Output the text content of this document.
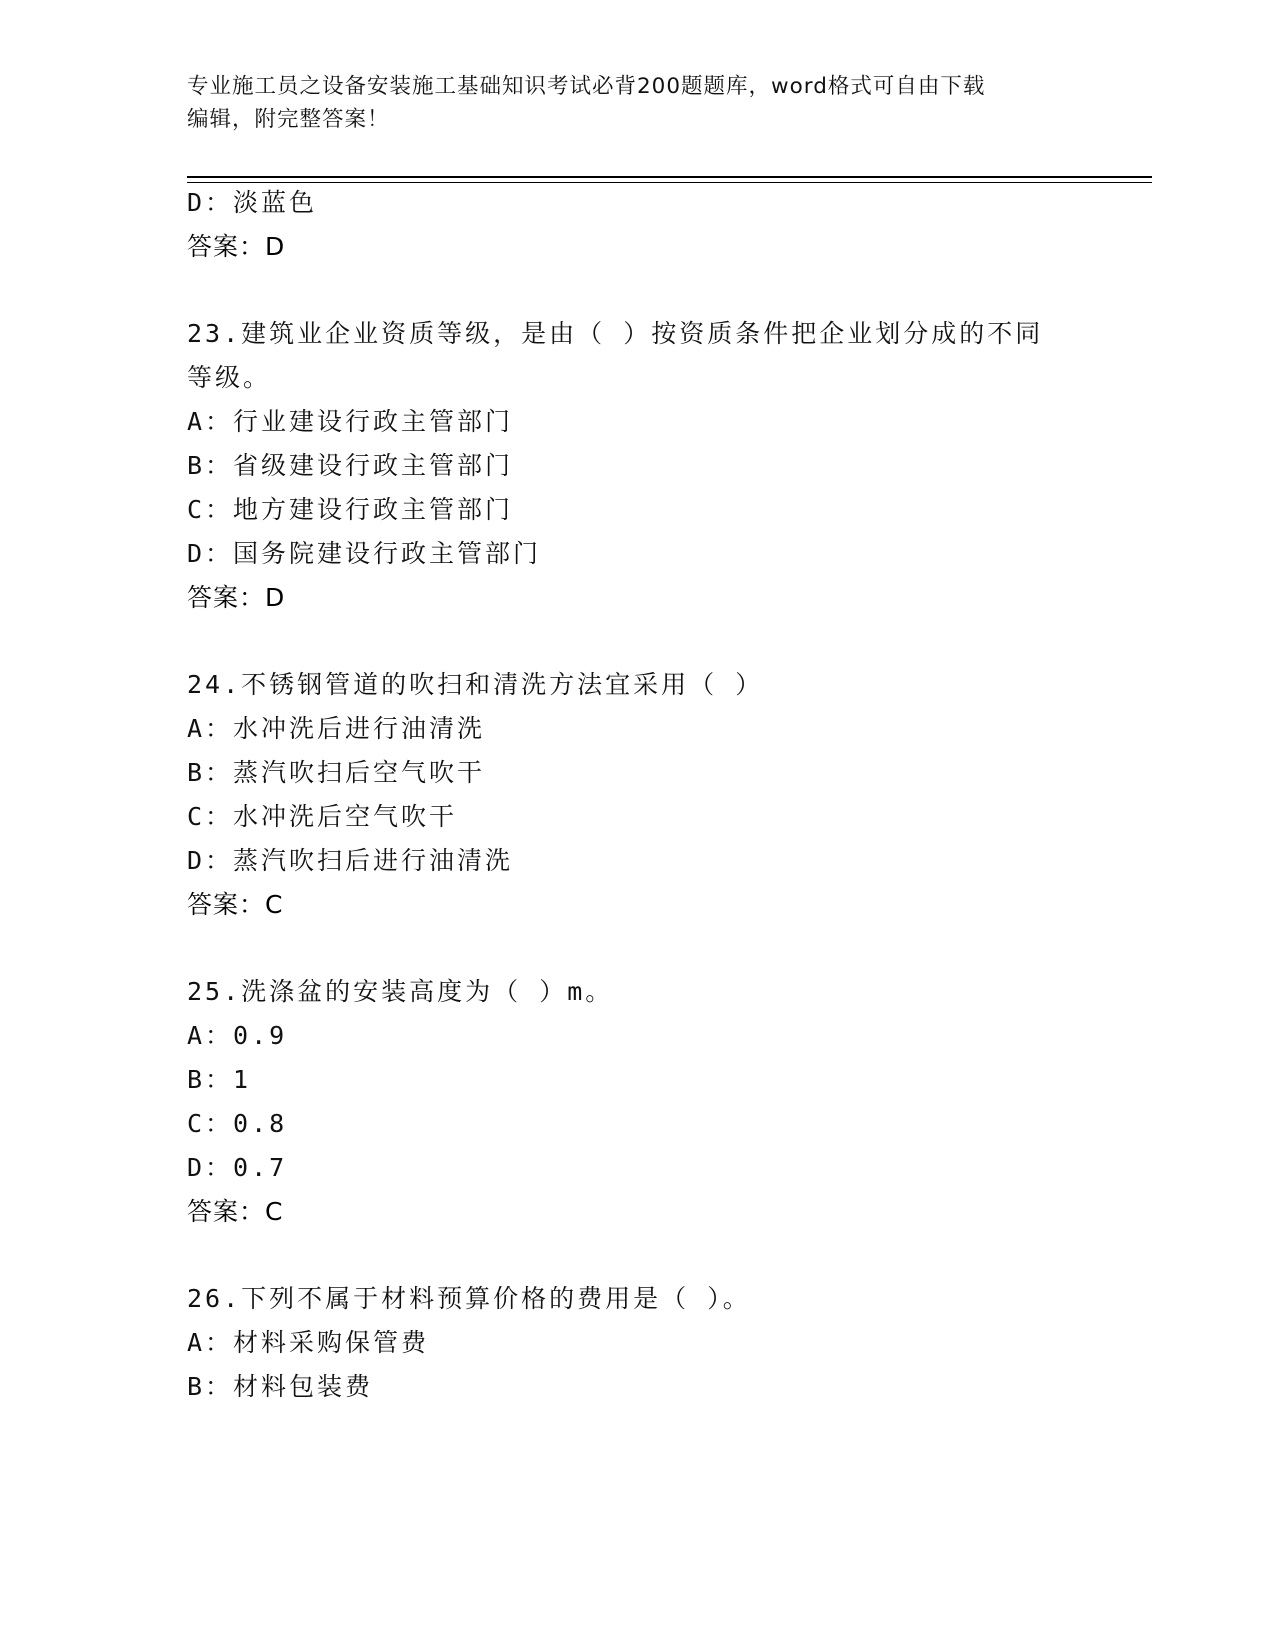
专业施工员之设备安装施工基础知识考试必背200题题库，word格式可自由下载
编辑，附完整答案！
D：淡蓝色
答案：D
23.建筑业企业资质等级，是由（ ）按资质条件把企业划分成的不同
等级。
A：行业建设行政主管部门
B：省级建设行政主管部门
C：地方建设行政主管部门
D：国务院建设行政主管部门
答案：D
24.不锈钢管道的吹扫和清洗方法宜采用（ ）
A：水冲洗后进行油清洗
B：蒸汽吹扫后空气吹干
C：水冲洗后空气吹干
D：蒸汽吹扫后进行油清洗
答案：C
25.洗涤盆的安装高度为（ ）m。
A：0.9
B：1
C：0.8
D：0.7
答案：C
26.下列不属于材料预算价格的费用是（ ）。
A：材料采购保管费
B：材料包装费
